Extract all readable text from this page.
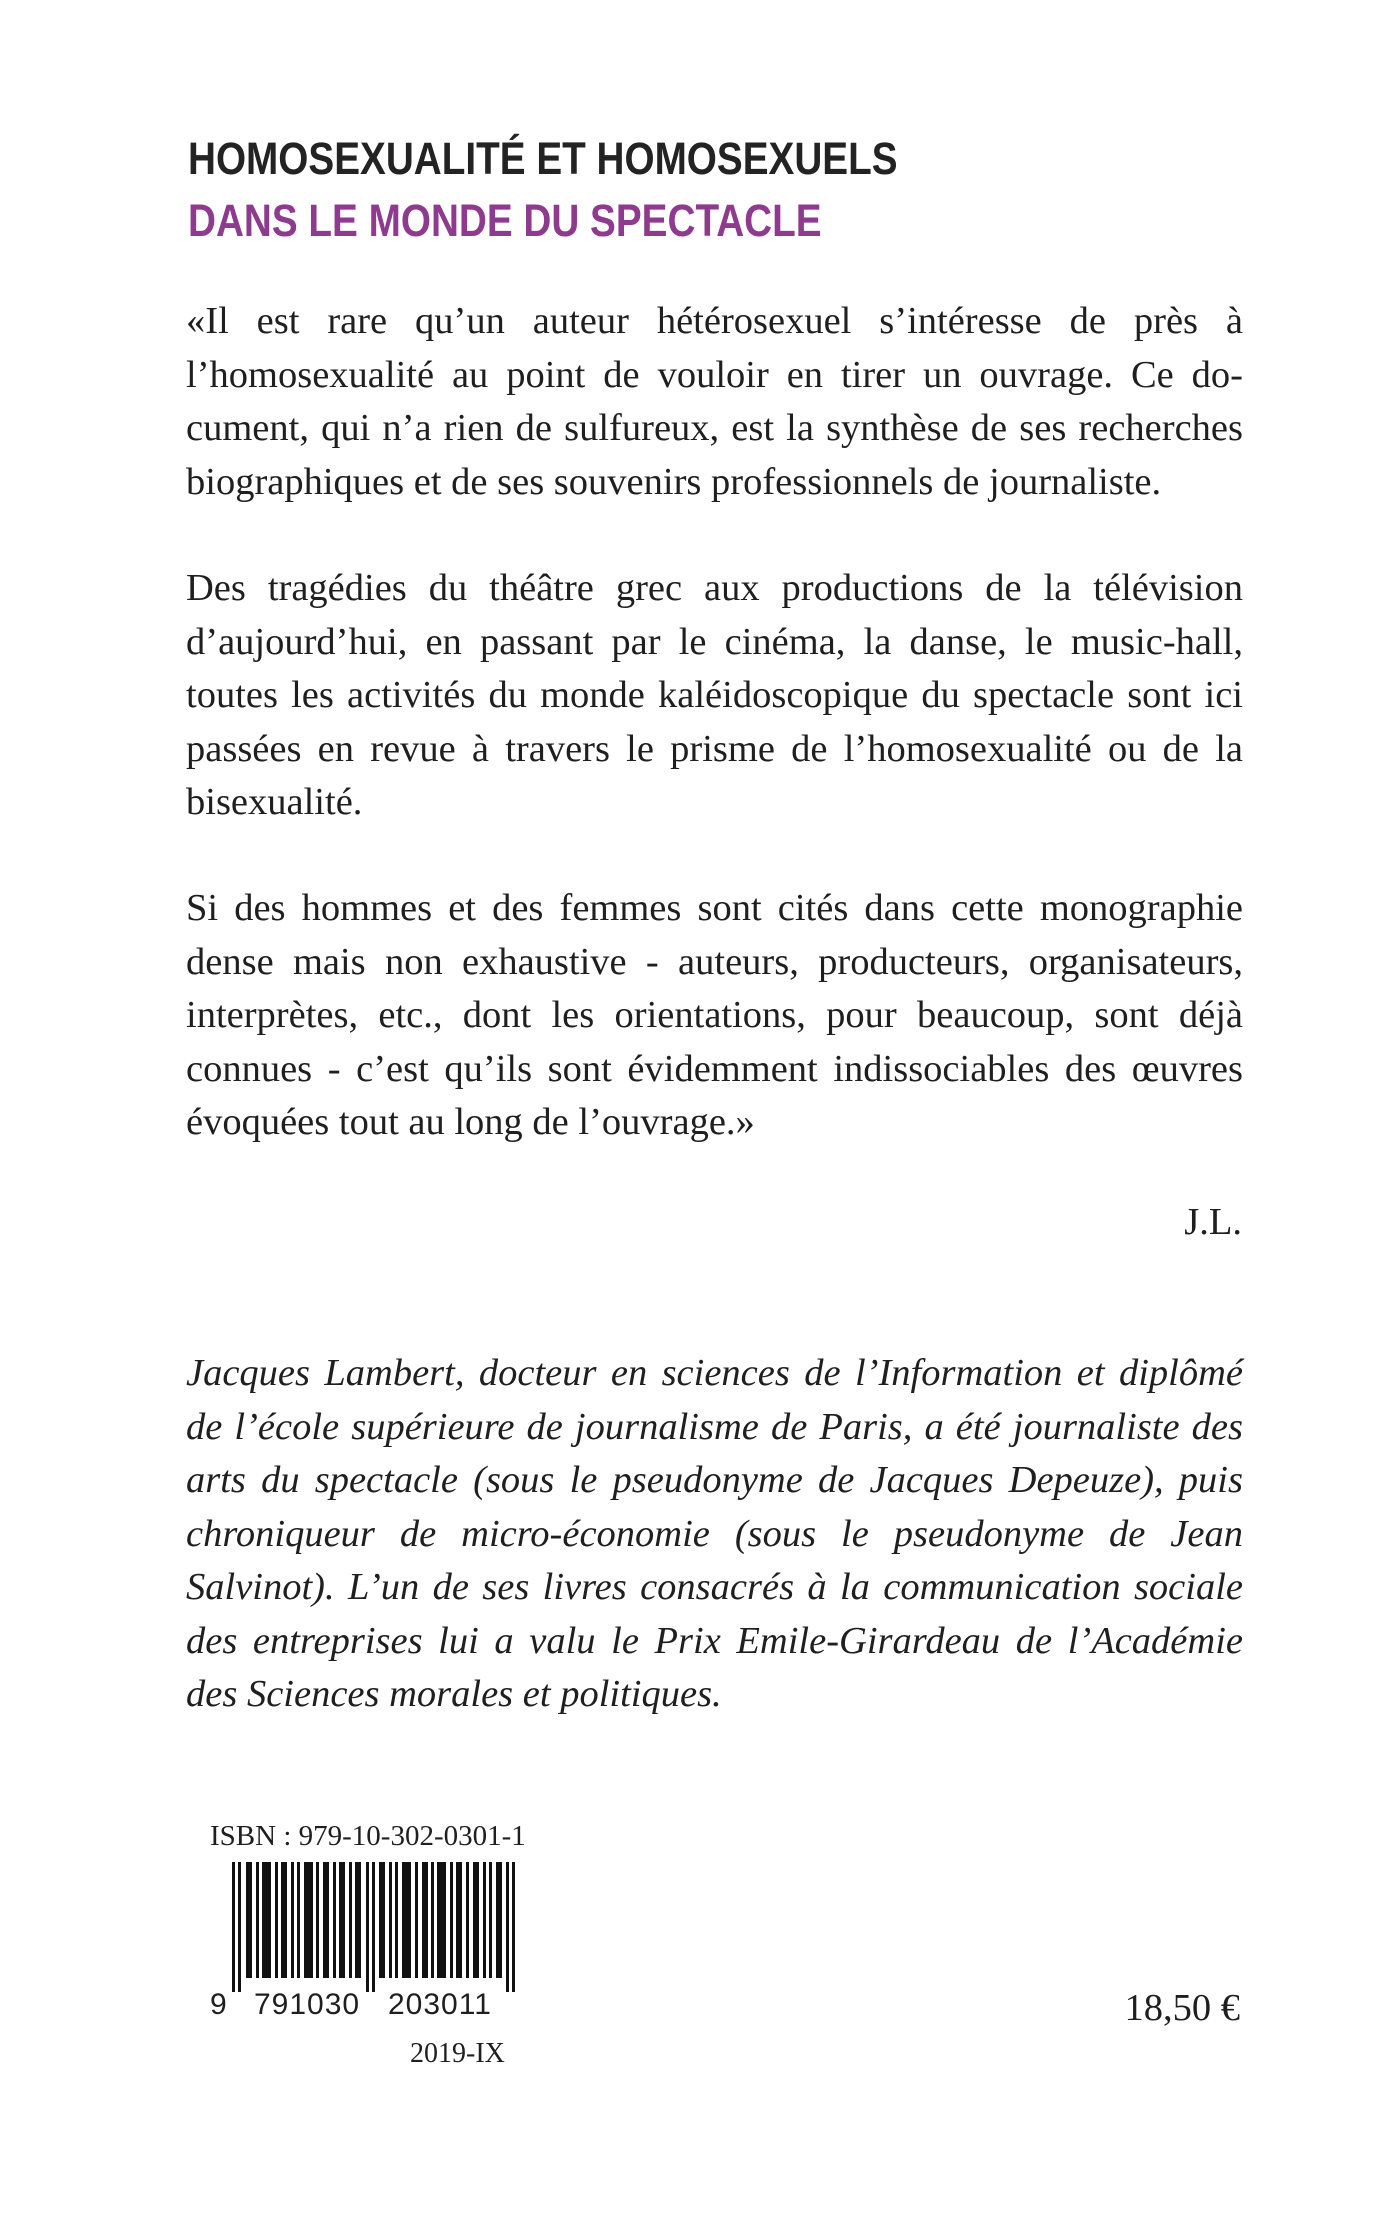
HOMOSEXUALITÉ ET HOMOSEXUELS
DANS LE MONDE DU SPECTACLE

«Il est rare qu’un auteur hétérosexuel s’intéresse de près à l’homosexualité au point de vouloir en tirer un ouvrage. Ce document, qui n’a rien de sulfureux, est la synthèse de ses recherches biographiques et de ses souvenirs professionnels de journaliste.

Des tragédies du théâtre grec aux productions de la télévision d’aujourd’hui, en passant par le cinéma, la danse, le music-hall, toutes les activités du monde kaléidoscopique du spectacle sont ici passées en revue à travers le prisme de l’homosexualité ou de la bisexualité.

Si des hommes et des femmes sont cités dans cette monographie dense mais non exhaustive - auteurs, producteurs, organisateurs, interprètes, etc., dont les orientations, pour beaucoup, sont déjà connues - c’est qu’ils sont évidemment indissociables des œuvres évoquées tout au long de l’ouvrage.»

J.L.

Jacques Lambert, docteur en sciences de l’Information et diplômé de l’école supérieure de journalisme de Paris, a été journaliste des arts du spectacle (sous le pseudonyme de Jacques Depeuze), puis chroniqueur de micro-économie (sous le pseudonyme de Jean Salvinot). L’un de ses livres consacrés à la communication sociale des entreprises lui a valu le Prix Emile-Girardeau de l’Académie des Sciences morales et politiques.

ISBN : 979-10-302-0301-1
9 791030 203011
2019-IX
18,50 €
